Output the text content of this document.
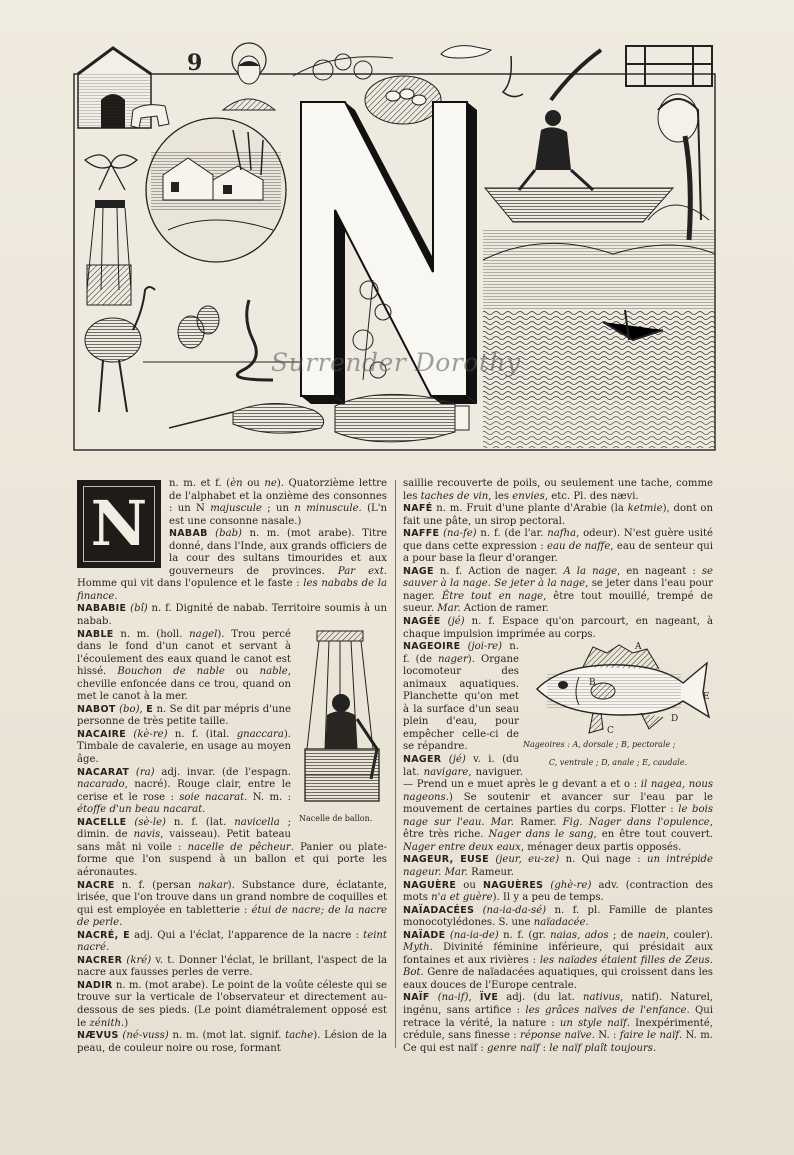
9
Surrender Dorothy

N
n. m. et f. (èn ou ne). Quatorzième lettre de l'alphabet et la onzième des consonnes : un N majuscule ; un n minuscule. (L'n est une consonne nasale.)

NABAB (bab) n. m. (mot arabe). Titre donné, dans l'Inde, aux grands officiers de la cour des sultans timourides et aux gouverneurs de provinces. Par ext. Homme qui vit dans l'opulence et le faste : les nababs de la finance.

NABABIE (bî) n. f. Dignité de nabab. Territoire soumis à un nabab.

Nacelle de ballon.
NABLE n. m. (holl. nagel). Trou percé dans le fond d'un canot et servant à l'écoulement des eaux quand le canot est hissé. Bouchon de nable ou nable, cheville enfoncée dans ce trou, quand on met le canot à la mer.

NABOT (bo), E n. Se dit par mépris d'une personne de très petite taille.

NACAIRE (kè-re) n. f. (ital. gnaccara). Timbale de cavalerie, en usage au moyen âge.

NACARAT (ra) adj. invar. (de l'espagn. nacarado, nacré). Rouge clair, entre le cerise et le rose : soie nacarat. N. m. : étoffe d'un beau nacarat.

NACELLE (sè-le) n. f. (lat. navicella ; dimin. de navis, vaisseau). Petit bateau sans mât ni voile : nacelle de pêcheur. Panier ou plate-forme que l'on suspend à un ballon et qui porte les aéronautes.

NACRE n. f. (persan nakar). Substance dure, éclatante, irisée, que l'on trouve dans un grand nombre de coquilles et qui est employée en tabletterie : étui de nacre; de la nacre de perle.

NACRÉ, E adj. Qui a l'éclat, l'apparence de la nacre : teint nacré.

NACRER (kré) v. t. Donner l'éclat, le brillant, l'aspect de la nacre aux fausses perles de verre.

NADIR n. m. (mot arabe). Le point de la voûte céleste qui se trouve sur la verticale de l'observateur et directement au-dessous de ses pieds. (Le point diamétralement opposé est le zénith.)

NÆVUS (né-vuss) n. m. (mot lat. signif. tache). Lésion de la peau, de couleur noire ou rose, formant

saillie recouverte de poils, ou seulement une tache, comme les taches de vin, les envies, etc. Pl. des nævi.

NAFÉ n. m. Fruit d'une plante d'Arabie (la ketmie), dont on fait une pâte, un sirop pectoral.

NAFFE (na-fe) n. f. (de l'ar. nafha, odeur). N'est guère usité que dans cette expression : eau de naffe, eau de senteur qui a pour base la fleur d'oranger.

NAGE n. f. Action de nager. A la nage, en nageant : se sauver à la nage. Se jeter à la nage, se jeter dans l'eau pour nager. Être tout en nage, être tout mouillé, trempé de sueur. Mar. Action de ramer.

NAGÉE (jé) n. f. Espace qu'on parcourt, en nageant, à chaque impulsion imprimée au corps.

A
B
C
D
E
Nageoires : A, dorsale ; B, pectorale ;
NAGEOIRE (joi-re) n. f. (de nager). Organe locomoteur des animaux aquatiques. Planchette qu'on met à la surface d'un seau plein d'eau, pour empêcher celle-ci de se répandre.

C, ventrale ; D, anale ; E, caudale.
NAGER (jé) v. i. (du lat. navigare, naviguer. — Prend un e muet après le g devant a et o : il nagea, nous nageons.) Se soutenir et avancer sur l'eau par le mouvement de certaines parties du corps. Flotter : le bois nage sur l'eau. Mar. Ramer. Fig. Nager dans l'opulence, être très riche. Nager dans le sang, en être tout couvert. Nager entre deux eaux, ménager deux partis opposés.

NAGEUR, EUSE (jeur, eu-ze) n. Qui nage : un intrépide nageur. Mar. Rameur.

NAGUÈRE ou NAGUÈRES (ghè-re) adv. (contraction des mots n'a et guère). Il y a peu de temps.

NAÏADACÉES (na-ia-da-sé) n. f. pl. Famille de plantes monocotylédones. S. une naïadacée.

NAÏADE (na-ia-de) n. f. (gr. naias, ados ; de naein, couler). Myth. Divinité féminine inférieure, qui présidait aux fontaines et aux rivières : les naïades étaient filles de Zeus. Bot. Genre de naïadacées aquatiques, qui croissent dans les eaux douces de l'Europe centrale.

NAÏF (na-if), ÏVE adj. (du lat. nativus, natif). Naturel, ingénu, sans artifice : les grâces naïves de l'enfance. Qui retrace la vérité, la nature : un style naïf. Inexpérimenté, crédule, sans finesse : réponse naïve. N. : faire le naïf. N. m. Ce qui est naïf : genre naïf : le naïf plaît toujours.
